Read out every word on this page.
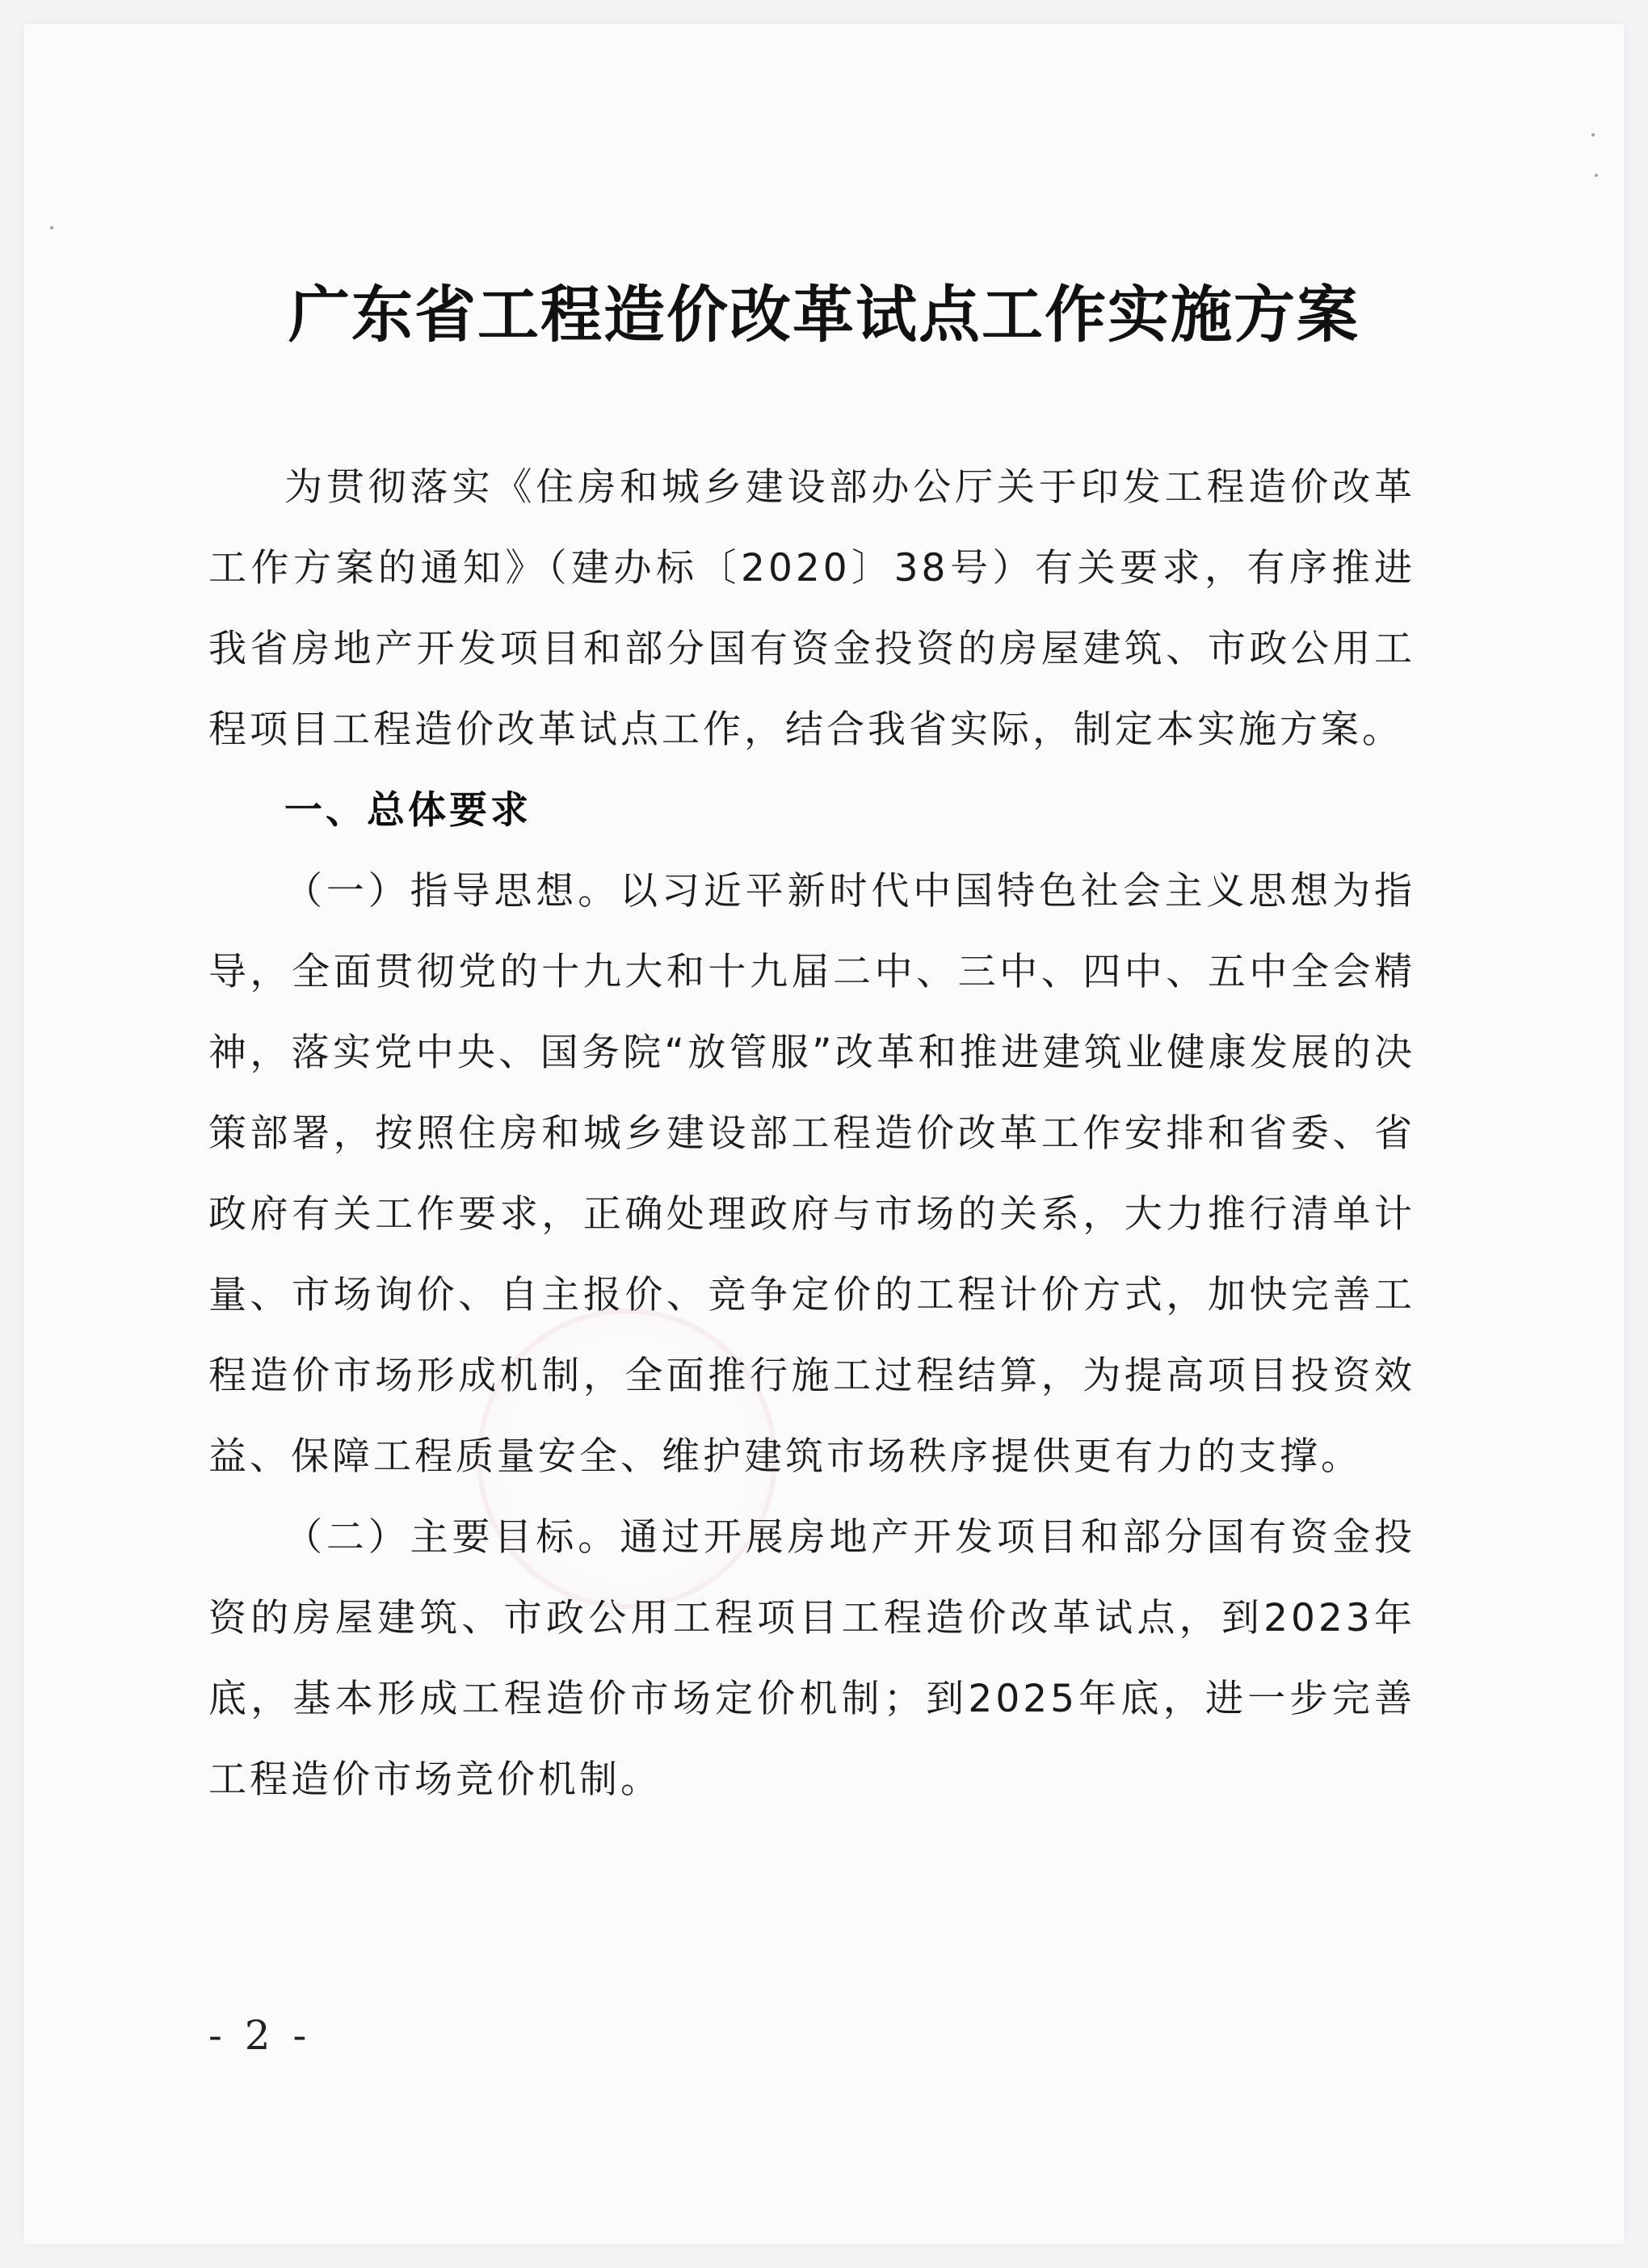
广东省工程造价改革试点工作实施方案

为贯彻落实《住房和城乡建设部办公厅关于印发工程造价改革工作方案的通知》（建办标〔2020〕38号）有关要求，有序推进我省房地产开发项目和部分国有资金投资的房屋建筑、市政公用工程项目工程造价改革试点工作，结合我省实际，制定本实施方案。

一、总体要求

（一）指导思想。以习近平新时代中国特色社会主义思想为指导，全面贯彻党的十九大和十九届二中、三中、四中、五中全会精神，落实党中央、国务院“放管服”改革和推进建筑业健康发展的决策部署，按照住房和城乡建设部工程造价改革工作安排和省委、省政府有关工作要求，正确处理政府与市场的关系，大力推行清单计量、市场询价、自主报价、竞争定价的工程计价方式，加快完善工程造价市场形成机制，全面推行施工过程结算，为提高项目投资效益、保障工程质量安全、维护建筑市场秩序提供更有力的支撑。

（二）主要目标。通过开展房地产开发项目和部分国有资金投资的房屋建筑、市政公用工程项目工程造价改革试点，到2023年底，基本形成工程造价市场定价机制；到2025年底，进一步完善工程造价市场竞价机制。

- 2 -
